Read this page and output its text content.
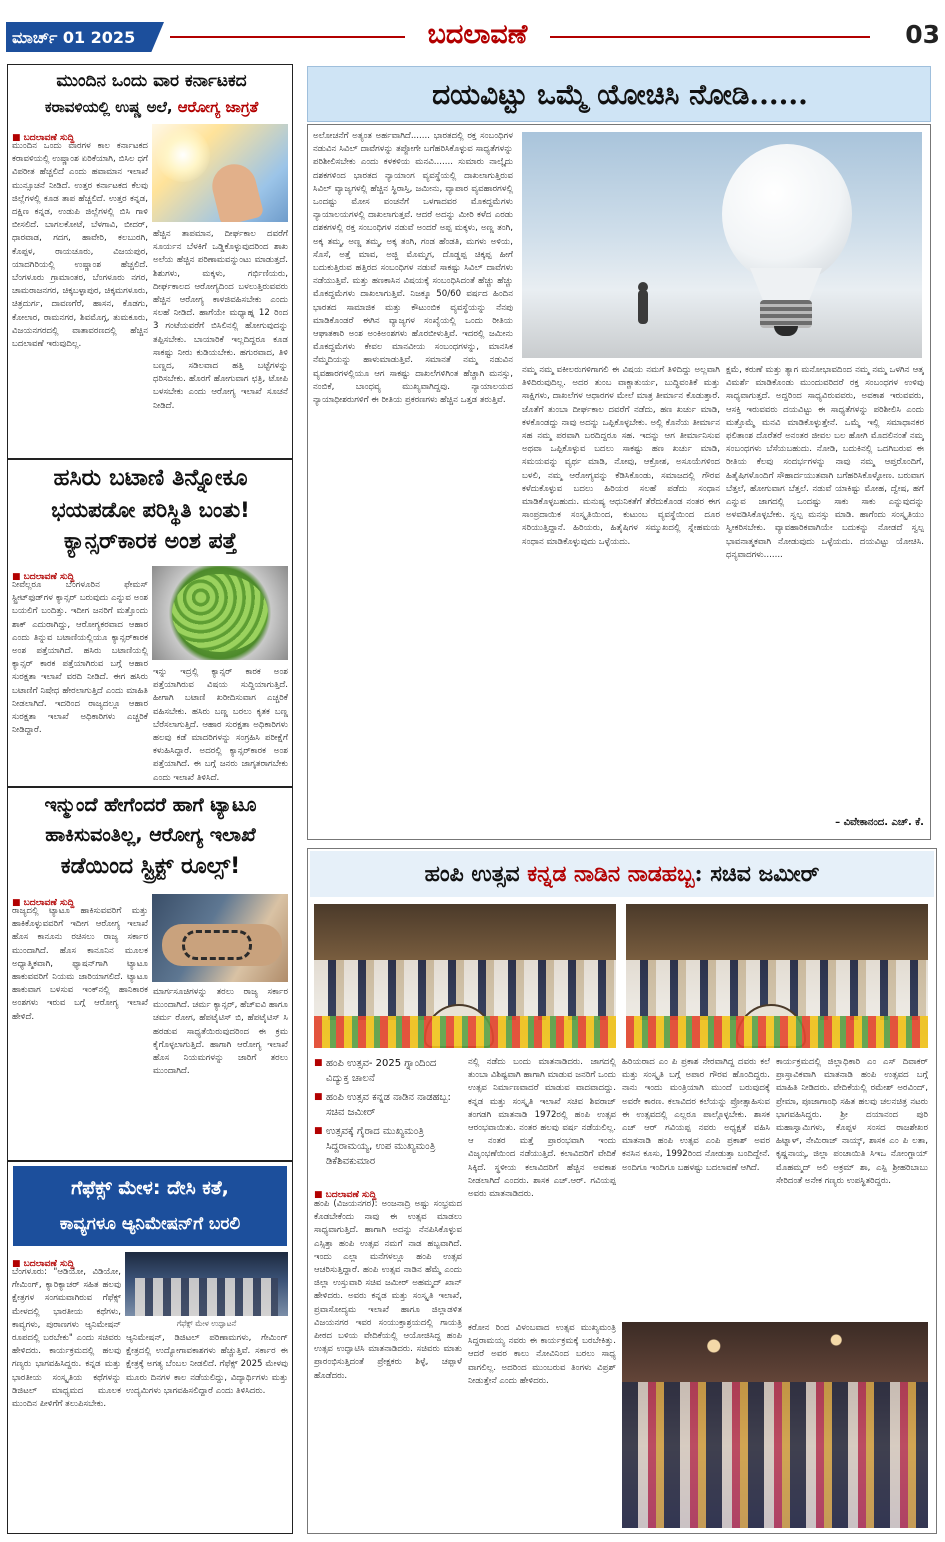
ಮಾರ್ಚ್ 01 2025	ಬದಲಾವಣೆ	03
ಮುಂದಿನ ಒಂದು ವಾರ ಕರ್ನಾಟಕದ
ಕರಾವಳಿಯಲ್ಲಿ ಉಷ್ಣ ಅಲೆ, ಆರೋಗ್ಯ ಜಾಗ್ರತೆ
■ ಬದಲಾವಣೆ ಸುದ್ದಿ
ಮುಂದಿನ ಒಂದು ವಾರಗಳ ಕಾಲ ಕರ್ನಾಟಕದ ಕರಾವಳಿಯಲ್ಲಿ ಉಷ್ಣಾಂಶ ಏರಿಕೆಯಾಗಿ, ಬಿಸಿಲ ಧಗೆ ವಿಪರೀತ ಹೆಚ್ಚಲಿದೆ ಎಂದು ಹವಾಮಾನ ಇಲಾಖೆ ಮುನ್ಸೂಚನೆ ನೀಡಿದೆ. ಉತ್ತರ ಕರ್ನಾಟಕದ ಕೆಲವು ಜಿಲ್ಲೆಗಳಲ್ಲಿ ಕೂಡ ತಾಪ ಹೆಚ್ಚಲಿದೆ. ಉತ್ತರ ಕನ್ನಡ, ದಕ್ಷಿಣ ಕನ್ನಡ, ಉಡುಪಿ ಜಿಲ್ಲೆಗಳಲ್ಲಿ ಬಿಸಿ ಗಾಳಿ ಬೀಸಲಿದೆ. ಬಾಗಲಕೋಟೆ, ಬೆಳಗಾವಿ, ಬೀದರ್, ಧಾರವಾಡ, ಗದಗ, ಹಾವೇರಿ, ಕಲಬುರಗಿ, ಕೊಪ್ಪಳ, ರಾಯಚೂರು, ವಿಜಯಪುರ, ಯಾದಗಿರಿಯಲ್ಲಿ ಉಷ್ಣಾಂಶ ಹೆಚ್ಚಲಿದೆ. ಬೆಂಗಳೂರು ಗ್ರಾಮಾಂತರ, ಬೆಂಗಳೂರು ನಗರ, ಚಾಮರಾಜನಗರ, ಚಿಕ್ಕಬಳ್ಳಾಪುರ, ಚಿಕ್ಕಮಗಳೂರು, ಚಿತ್ರದುರ್ಗ, ದಾವಣಗೆರೆ, ಹಾಸನ, ಕೊಡಗು, ಕೋಲಾರ, ರಾಮನಗರ, ಶಿವಮೊಗ್ಗ, ತುಮಕೂರು, ವಿಜಯನಗರದಲ್ಲಿ ವಾತಾವರಣದಲ್ಲಿ ಹೆಚ್ಚಿನ ಬದಲಾವಣೆ ಇರುವುದಿಲ್ಲ.
ಹೆಚ್ಚಿನ ತಾಪಮಾನ, ದೀರ್ಘಕಾಲ ದವರೆಗೆ ಸೂರ್ಯನ ಬೆಳಕಿಗೆ ಒಡ್ಡಿಕೊಳ್ಳುವುದರಿಂದ ಶಾಖ ಅಲೆಯ ಹೆಚ್ಚಿನ ಪರಿಣಾಮವನ್ನುಂಟು ಮಾಡುತ್ತದೆ. ಶಿಶುಗಳು, ಮಕ್ಕಳು, ಗರ್ಭಿಣಿಯರು, ದೀರ್ಘಕಾಲದ ಆರೋಗ್ಯದಿಂದ ಬಳಲುತ್ತಿರುವವರು ಹೆಚ್ಚಿನ ಆರೋಗ್ಯ ಕಾಳಜಿವಹಿಸಬೇಕು ಎಂದು ಸಲಹೆ ನೀಡಿದೆ. ಹಾಗೆಯೇ ಮಧ್ಯಾಹ್ನ 12 ರಿಂದ 3 ಗಂಟೆಯವರೆಗೆ ಬಿಸಿಲಿನಲ್ಲಿ ಹೋಗುವುದನ್ನು ತಪ್ಪಿಸಬೇಕು. ಬಾಯಾರಿಕೆ ಇಲ್ಲದಿದ್ದರೂ ಕೂಡ ಸಾಕಷ್ಟು ನೀರು ಕುಡಿಯಬೇಕು. ಹಗುರವಾದ, ತಿಳಿ ಬಣ್ಣದ, ಸಡಿಲವಾದ ಹತ್ತಿ ಬಟ್ಟೆಗಳನ್ನು ಧರಿಸಬೇಕು. ಹೊರಗೆ ಹೋಗುವಾಗ ಛತ್ರಿ, ಟೋಪಿ ಬಳಸಬೇಕು ಎಂದು ಆರೋಗ್ಯ ಇಲಾಖೆ ಸೂಚನೆ ನೀಡಿದೆ.
ಹಸಿರು ಬಟಾಣಿ ತಿನ್ನೋಕೂ
ಭಯಪಡೋ ಪರಿಸ್ಥಿತಿ ಬಂತು!
ಕ್ಯಾನ್ಸರ್‌ಕಾರಕ ಅಂಶ ಪತ್ತೆ
■ ಬದಲಾವಣೆ ಸುದ್ದಿ
ನೀವೆಲ್ಲರೂ ಬೆಂಗಳೂರಿನ ಫೇಮಸ್ ಸ್ಟ್ರೀಟ್‌ಫುಡ್‌ಗಳ ಕ್ಯಾನ್ಸರ್ ಬರುವುದು ಎನ್ನುವ ಅಂಶ ಬಯಲಿಗೆ ಬಂದಿತ್ತು. ಇದೀಗ ಜನರಿಗೆ ಮತ್ತೊಂದು ಶಾಕ್ ಎದುರಾಗಿದ್ದು, ಆರೋಗ್ಯಕರವಾದ ಆಹಾರ ಎಂದು ತಿನ್ನುವ ಬಟಾಣಿಯಲ್ಲಿಯೂ ಕ್ಯಾನ್ಸರ್‌ಕಾರಕ ಅಂಶ ಪತ್ತೆಯಾಗಿದೆ. ಹಸಿರು ಬಟಾಣಿಯಲ್ಲಿ ಕ್ಯಾನ್ಸರ್ ಕಾರಕ ಪತ್ತೆಯಾಗಿರುವ ಬಗ್ಗೆ ಆಹಾರ ಸುರಕ್ಷತಾ ಇಲಾಖೆ ವರದಿ ನೀಡಿದೆ. ಈಗ ಹಸಿರು ಬಟಾಣಿಗೆ ನಿಷೇಧ ಹೇರಲಾಗುತ್ತಿದೆ ಎಂದು ಮಾಹಿತಿ ನೀಡಲಾಗಿದೆ. ಇದರಿಂದ ರಾಜ್ಯದಲ್ಲೂ ಆಹಾರ ಸುರಕ್ಷತಾ ಇಲಾಖೆ ಅಧಿಕಾರಿಗಳು ಎಚ್ಚರಿಕೆ ನೀಡಿದ್ದಾರೆ.
ಇನ್ನು ಇದ್ರಲ್ಲಿ ಕ್ಯಾನ್ಸರ್ ಕಾರಕ ಅಂಶ ಪತ್ತೆಯಾಗಿರುವ ವಿಷಯ ಸುದ್ದಿಯಾಗುತ್ತಿದೆ. ಹೀಗಾಗಿ ಬಟಾಣಿ ಖರೀದಿಸುವಾಗ ಎಚ್ಚರಿಕೆ ವಹಿಸಬೇಕು. ಹಸಿರು ಬಣ್ಣ ಬರಲು ಕೃತಕ ಬಣ್ಣ ಬೆರೆಸಲಾಗುತ್ತಿದೆ. ಆಹಾರ ಸುರಕ್ಷತಾ ಅಧಿಕಾರಿಗಳು ಹಲವು ಕಡೆ ಮಾದರಿಗಳನ್ನು ಸಂಗ್ರಹಿಸಿ ಪರೀಕ್ಷೆಗೆ ಕಳುಹಿಸಿದ್ದಾರೆ. ಅದರಲ್ಲಿ ಕ್ಯಾನ್ಸರ್‌ಕಾರಕ ಅಂಶ ಪತ್ತೆಯಾಗಿದೆ. ಈ ಬಗ್ಗೆ ಜನರು ಜಾಗೃತರಾಗಬೇಕು ಎಂದು ಇಲಾಖೆ ತಿಳಿಸಿದೆ.
ಇನ್ಮುಂದೆ ಹೇಗೆಂದರೆ ಹಾಗೆ ಟ್ಯಾಟೂ
ಹಾಕಿಸುವಂತಿಲ್ಲ, ಆರೋಗ್ಯ ಇಲಾಖೆ
ಕಡೆಯಿಂದ ಸ್ಟ್ರಿಕ್ಟ್ ರೂಲ್ಸ್!
■ ಬದಲಾವಣೆ ಸುದ್ದಿ
ರಾಜ್ಯದಲ್ಲಿ ಟ್ಯಾಟೂ ಹಾಕಿಸುವವರಿಗೆ ಮತ್ತು ಹಾಕಿಕೊಳ್ಳುವವರಿಗೆ ಇದೀಗ ಆರೋಗ್ಯ ಇಲಾಖೆ ಹೊಸ ಕಾನೂನು ರಚಿಸಲು ರಾಜ್ಯ ಸರ್ಕಾರ ಮುಂದಾಗಿದೆ. ಹೊಸ ಕಾನೂನಿನ ಮೂಲಕ ಅಧ್ಯಾತ್ಮಿಕವಾಗಿ, ಫ್ಯಾಷನ್‌ಗಾಗಿ ಟ್ಯಾಟೂ ಹಾಕುವವರಿಗೆ ನಿಯಮ ಜಾರಿಯಾಗಲಿದೆ. ಟ್ಯಾಟೂ ಹಾಕುವಾಗ ಬಳಸುವ ಇಂಕ್‌ನಲ್ಲಿ ಹಾನಿಕಾರಕ ಅಂಶಗಳು ಇರುವ ಬಗ್ಗೆ ಆರೋಗ್ಯ ಇಲಾಖೆ ಹೇಳಿದೆ.
ಮಾರ್ಗಸೂಚಿಗಳನ್ನು ತರಲು ರಾಜ್ಯ ಸರ್ಕಾರ ಮುಂದಾಗಿದೆ. ಚರ್ಮ ಕ್ಯಾನ್ಸರ್, ಹೆಚ್‌ಐವಿ ಹಾಗೂ ಚರ್ಮ ರೋಗ, ಹೆಪಟೈಟಿಸ್ ಬಿ, ಹೆಪಟೈಟಿಸ್ ಸಿ ಹರಡುವ ಸಾಧ್ಯತೆಯಿರುವುದರಿಂದ ಈ ಕ್ರಮ ಕೈಗೊಳ್ಳಲಾಗುತ್ತಿದೆ. ಹಾಗಾಗಿ ಆರೋಗ್ಯ ಇಲಾಖೆ ಹೊಸ ನಿಯಮಗಳನ್ನು ಜಾರಿಗೆ ತರಲು ಮುಂದಾಗಿದೆ.
ಗೆಫೆಕ್ಸ್ ಮೇಳ: ದೇಸಿ ಕತೆ,
ಕಾವ್ಯಗಳೂ ಆ್ಯನಿಮೇಷನ್‌ಗೆ ಬರಲಿ
■ ಬದಲಾವಣೆ ಸುದ್ದಿ
ಬೆಂಗಳೂರು: "ಆಡಿಯೋ, ವಿಡಿಯೋ, ಗೇಮಿಂಗ್, ಕ್ಯಾರಿಕ್ಯಾಚರ್ ಸಹಿತ ಹಲವು ಕ್ಷೇತ್ರಗಳ ಸಂಗಮವಾಗಿರುವ ಗೆಫೆಕ್ಸ್ ಮೇಳದಲ್ಲಿ ಭಾರತೀಯ ಕಥೆಗಳು, ಕಾವ್ಯಗಳು, ಪುರಾಣಗಳು ಆ್ಯನಿಮೇಷನ್ ರೂಪದಲ್ಲಿ ಬರಬೇಕು" ಎಂದು ಸಚಿವರು ಹೇಳಿದರು. ಕಾರ್ಯಕ್ರಮದಲ್ಲಿ ಹಲವು ಗಣ್ಯರು ಭಾಗವಹಿಸಿದ್ದರು. ಕನ್ನಡ ಮತ್ತು ಭಾರತೀಯ ಸಂಸ್ಕೃತಿಯ ಕಥೆಗಳನ್ನು ಡಿಜಿಟಲ್ ಮಾಧ್ಯಮದ ಮೂಲಕ ಮುಂದಿನ ಪೀಳಿಗೆಗೆ ತಲುಪಿಸಬೇಕು.
ಗೆಫೆಕ್ಸ್ ಮೇಳ ಉದ್ಘಾಟನೆ
ಆ್ಯನಿಮೇಷನ್, ಡಿಜಿಟಲ್ ಪರಿಣಾಮಗಳು, ಗೇಮಿಂಗ್ ಕ್ಷೇತ್ರದಲ್ಲಿ ಉದ್ಯೋಗಾವಕಾಶಗಳು ಹೆಚ್ಚುತ್ತಿವೆ. ಸರ್ಕಾರ ಈ ಕ್ಷೇತ್ರಕ್ಕೆ ಅಗತ್ಯ ಬೆಂಬಲ ನೀಡಲಿದೆ. ಗೆಫೆಕ್ಸ್ 2025 ಮೇಳವು ಮೂರು ದಿನಗಳ ಕಾಲ ನಡೆಯಲಿದ್ದು, ವಿದ್ಯಾರ್ಥಿಗಳು ಮತ್ತು ಉದ್ಯಮಿಗಳು ಭಾಗವಹಿಸಲಿದ್ದಾರೆ ಎಂದು ತಿಳಿಸಿದರು.
ದಯವಿಟ್ಟು ಒಮ್ಮೆ ಯೋಚಿಸಿ ನೋಡಿ......
ಅಲೋಚನೆಗೆ ಅತ್ಯಂತ ಅರ್ಹವಾಗಿದೆ....... ಭಾರತದಲ್ಲಿ ರಕ್ತ ಸಂಬಂಧಿಗಳ ನಡುವಿನ ಸಿವಿಲ್ ದಾವೆಗಳನ್ನು ತಪ್ಪೋಗೇ ಬಗೆಹರಿಸಿಕೊಳ್ಳುವ ಸಾಧ್ಯತೆಗಳನ್ನು ಪರಿಶೀಲಿಸಬೇಕು ಎಂದು ಕಳಕಳಿಯ ಮನವಿ....... ಸುಮಾರು ನಾಲ್ಕೈದು ದಶಕಗಳಿಂದ ಭಾರತದ ನ್ಯಾಯಾಂಗ ವ್ಯವಸ್ಥೆಯಲ್ಲಿ ದಾಖಲಾಗುತ್ತಿರುವ ಸಿವಿಲ್ ವ್ಯಾಜ್ಯಗಳಲ್ಲಿ ಹೆಚ್ಚಿನ ಸ್ಥಿರಾಸ್ತಿ, ಜಮೀನು, ವ್ಯಾಪಾರ ವ್ಯವಹಾರಗಳಲ್ಲಿ ಒಂದಷ್ಟು ಮೋಸ ವಂಚನೆಗೆ ಒಳಗಾದವರ ಮೊಕದ್ದಮೆಗಳು ನ್ಯಾಯಾಲಯಗಳಲ್ಲಿ ದಾಖಲಾಗುತ್ತವೆ. ಆದರೆ ಅದನ್ನು ಮೀರಿ ಕಳೆದ ಎರಡು ದಶಕಗಳಲ್ಲಿ ರಕ್ತ ಸಂಬಂಧಿಗಳ ನಡುವೆ ಅಂದರೆ ಅಪ್ಪ ಮಕ್ಕಳು, ಅಣ್ಣ ತಂಗಿ, ಅಕ್ಕ ತಮ್ಮ, ಅಣ್ಣ ತಮ್ಮ, ಅಕ್ಕ ತಂಗಿ, ಗಂಡ ಹೆಂಡತಿ, ಮಗಳು ಅಳಿಯ, ಸೊಸೆ, ಅತ್ತೆ ಮಾವ, ಅಜ್ಜಿ ಮೊಮ್ಮಗ, ದೊಡ್ಡಪ್ಪ ಚಿಕ್ಕಪ್ಪ ಹೀಗೆ ಬದುಕುತ್ತಿರುವ ಹತ್ತಿರದ ಸಂಬಂಧಿಗಳ ನಡುವೆ ಸಾಕಷ್ಟು ಸಿವಿಲ್ ದಾವೆಗಳು ನಡೆಯುತ್ತಿವೆ. ಮತ್ತು ಹಣಕಾಸಿನ ವಿಷಯಕ್ಕೆ ಸಂಬಂಧಿಸಿದಂತೆ ಹೆಚ್ಚು ಹೆಚ್ಚು ಮೊಕದ್ದಮೆಗಳು ದಾಖಲಾಗುತ್ತಿವೆ. ನಿಜಕ್ಕೂ 50/60 ವರ್ಷದ ಹಿಂದಿನ ಭಾರತದ ಸಾಮಾಜಿಕ ಮತ್ತು ಕೌಟುಂಬಿಕ ವ್ಯವಸ್ಥೆಯನ್ನು ನೆನಪು ಮಾಡಿಕೊಂಡರೆ ಈಗಿನ ವ್ಯಾಜ್ಯಗಳ ಸಂಖ್ಯೆಯಲ್ಲಿ ಒಂದು ರೀತಿಯ ಆಘಾತಕಾರಿ ಅಂಶ ಅಂಕಿಅಂಶಗಳು ಹೊರಬೀಳುತ್ತಿವೆ. ಇದರಲ್ಲಿ ಜಮೀನು ಮೊಕದ್ದಮೆಗಳು ಕೇವಲ ಮಾನವೀಯ ಸಂಬಂಧಗಳನ್ನು, ಮಾನಸಿಕ ನೆಮ್ಮದಿಯನ್ನು ಹಾಳುಮಾಡುತ್ತಿವೆ. ಸಮಾನತೆ ನಮ್ಮ ನಡುವಿನ ವ್ಯವಹಾರಗಳಲ್ಲಿಯೂ ಆಗ ಸಾಕಷ್ಟು ದಾಖಲೆಗಳಿಗಿಂತ ಹೆಚ್ಚಾಗಿ ಮನಸ್ಸು, ನಂಬಿಕೆ, ಬಾಂಧವ್ಯ ಮುಖ್ಯವಾಗಿದ್ದವು. ನ್ಯಾಯಾಲಯದ ನ್ಯಾಯಾಧೀಶರುಗಳಿಗೆ ಈ ರೀತಿಯ ಪ್ರಕರಣಗಳು ಹೆಚ್ಚಿನ ಒತ್ತಡ ತರುತ್ತಿವೆ.
ನಮ್ಮ ನಮ್ಮ ವಕೀಲರುಗಳಿಗಾಗಲಿ ಈ ವಿಷಯ ನಮಗೆ ತಿಳಿದಿದ್ದು ಅಲ್ಲವಾಗಿ ತಿಳಿದಿರುವುದಿಲ್ಲ. ಅದರ ತುಂಬ ವಾಕ್ಚಾತುರ್ಯ, ಬುದ್ಧಿವಂತಿಕೆ ಮತ್ತು ಸಾಕ್ಷಿಗಳು, ದಾಖಲೆಗಳ ಆಧಾರಗಳ ಮೇಲೆ ಮಾತ್ರ ತೀರ್ಮಾನ ಕೊಡುತ್ತಾರೆ. ಜೊತೆಗೆ ತುಂಬಾ ದೀರ್ಘಕಾಲ ದವರೆಗೆ ನಡೆದು, ಹಣ ಖರ್ಚು ಮಾಡಿ, ಕಳಕೊಂಡದ್ದು ನಾವು ಅದನ್ನು ಒಪ್ಪಿಕೊಳ್ಳಬೇಕು. ಅಲ್ಲಿ ಕೊನೆಯ ತೀರ್ಮಾನ ಸಹ ನಮ್ಮ ಪರವಾಗಿ ಬರದಿದ್ದರೂ ಸಹ. ಇದನ್ನು ಆಗ ತೀರ್ಮಾನಿಸುವ ಅಥವಾ ಒಪ್ಪಿಕೊಳ್ಳುವ ಬದಲು ಸಾಕಷ್ಟು ಹಣ ಖರ್ಚು ಮಾಡಿ, ಸಮಯವನ್ನು ವ್ಯರ್ಥ ಮಾಡಿ, ನೋವು, ಆಕ್ರೋಶ, ಅಸೂಯೆಗಳಿಂದ ಬಳಲಿ, ನಮ್ಮ ಆರೋಗ್ಯವನ್ನು ಕೆಡಿಸಿಕೊಂಡು, ಸಮಾಜದಲ್ಲಿ ಗೌರವ ಕಳೆದುಕೊಳ್ಳುವ ಬದಲು ಹಿರಿಯರ ಸಲಹೆ ಪಡೆದು ಸಂಧಾನ ಮಾಡಿಕೊಳ್ಳಬಹುದು. ಮನುಷ್ಯ ಆಧುನಿಕತೆಗೆ ತೆರೆದುಕೊಂಡ ನಂತರ ಈಗ ಸಾಂಪ್ರದಾಯಿಕ ಸಂಸ್ಕೃತಿಯಿಂದ, ಕುಟುಂಬ ವ್ಯವಸ್ಥೆಯಿಂದ ದೂರ ಸರಿಯುತ್ತಿದ್ದಾನೆ. ಹಿರಿಯರು, ಹಿತೈಷಿಗಳ ಸಮ್ಮುಖದಲ್ಲಿ ಸ್ನೇಹಮಯ ಸಂಧಾನ ಮಾಡಿಕೊಳ್ಳುವುದು ಒಳ್ಳೆಯದು.
ಕ್ಷಮೆ, ಕರುಣೆ ಮತ್ತು ತ್ಯಾಗ ಮನೋಭಾವದಿಂದ ನಮ್ಮ ನಮ್ಮ ಒಳಗಿನ ಆತ್ಮ ವಿಮರ್ಶೆ ಮಾಡಿಕೊಂಡು ಮುಂದುವರಿದರೆ ರಕ್ತ ಸಂಬಂಧಗಳ ಉಳಿವು ಸಾಧ್ಯವಾಗುತ್ತದೆ. ಅದ್ದರಿಂದ ಸಾಧ್ಯವಿರುವವರು, ಅವಕಾಶ ಇರುವವರು, ಆಸಕ್ತಿ ಇರುವವರು ದಯವಿಟ್ಟು ಈ ಸಾಧ್ಯತೆಗಳನ್ನು ಪರಿಶೀಲಿಸಿ ಎಂದು ಮತ್ತೊಮ್ಮೆ ಮನವಿ ಮಾಡಿಕೊಳ್ಳುತ್ತೇನೆ. ಒಮ್ಮೆ ಇಲ್ಲಿ ಸಮಾಧಾನಕರ ಫಲಿತಾಂಶ ದೊರೆತರೆ ಅನಂತರ ಜೀವಲ ಬಲ ಹೋಗಿ ಮೊದಲಿನಂತೆ ನಮ್ಮ ಸಂಬಂಧಗಳು ಬೆಸೆಯಬಹುದು. ನೋಡಿ, ಬದುಕಿನಲ್ಲಿ ಒದಗಿಬರುವ ಈ ರೀತಿಯ ಕೆಲವು ಸಂದರ್ಭಗಳನ್ನು ನಾವು ನಮ್ಮ ಆಪ್ತರೊಂದಿಗೆ, ಹಿತೈಷಿಗಳೊಂದಿಗೆ ಸೌಹಾರ್ದಯುತವಾಗಿ ಬಗೆಹರಿಸಿಕೊಳ್ಳೋಣ. ಬರುವಾಗ ಬೆತ್ತಲೆ, ಹೋಗುವಾಗ ಬೆತ್ತಲೆ. ನಡುವೆ ಯಾಕಿಷ್ಟು ಮೋಹ, ದ್ವೇಷ, ಹಗೆ ಎನ್ನುವ ಜಾಗದಲ್ಲಿ ಒಂದಷ್ಟು ಸಾಕು ಸಾಕು ಎನ್ನುವುದನ್ನು ಅಳವಡಿಸಿಕೊಳ್ಳಬೇಕು. ಸ್ವಲ್ಪ ಮನಸ್ಸು ಮಾಡಿ. ಹಾಗೆಂದು ಸಂಸ್ಕೃತಿಯು ಸ್ವೀಕರಿಸಬೇಕು. ವ್ಯಾವಹಾರಿಕವಾಗಿಯೇ ಬದುಕನ್ನು ನೋಡದೆ ಸ್ವಲ್ಪ ಭಾವನಾತ್ಮಕವಾಗಿ ನೋಡುವುದು ಒಳ್ಳೆಯದು. ದಯವಿಟ್ಟು ಯೋಚಿಸಿ. ಧನ್ಯವಾದಗಳು.......
– ವಿವೇಕಾನಂದ. ಎಚ್. ಕೆ.
ಹಂಪಿ ಉತ್ಸವ ಕನ್ನಡ ನಾಡಿನ ನಾಡಹಬ್ಬ: ಸಚಿವ ಜಮೀರ್
■ ಹಂಪಿ ಉತ್ಸವ- 2025 ಗ್ನಾಂದಿಂದ ವಿದ್ಯುಕ್ತ ಚಾಲನೆ
■ ಹಂಪಿ ಉತ್ಸವ ಕನ್ನಡ ನಾಡಿನ ನಾಡಹಬ್ಬ: ಸಚಿವ ಜಮೀರ್
■ ಉತ್ಸವಕ್ಕೆ ಗೈರಾದ ಮುಖ್ಯಮಂತ್ರಿ ಸಿದ್ದರಾಮಯ್ಯ, ಉಪ ಮುಖ್ಯಮಂತ್ರಿ ಡಿಕೆಶಿವಕುಮಾರ
■ ಬದಲಾವಣೆ ಸುದ್ದಿ
ಹಂಪಿ (ವಿಜಯನಗರ): ಅಂಜನಾದ್ರಿ ಅಷ್ಟು ಸಂಭ್ರಮದ ಕೊಡಬೇಕೆಂದು ನಾವು ಈ ಉತ್ಸವ ಮಾಡಲು ಸಾಧ್ಯವಾಗುತ್ತಿದೆ. ಹಾಗಾಗಿ ಅದನ್ನು ನೆನಪಿಸಿಕೊಳ್ಳುವ ಎಸ್ಸಿತ್ತಾ ಹಂಪಿ ಉತ್ಸವ ನಮಗೆ ನಾಡ ಹಬ್ಬವಾಗಿದೆ. ಇಂದು ಎಲ್ಲಾ ಮನೆಗಳಲ್ಲೂ ಹಂಪಿ ಉತ್ಸವ ಆಚರಿಸುತ್ತಿದ್ದಾರೆ. ಹಂಪಿ ಉತ್ಸವ ನಾಡಿನ ಹೆಮ್ಮೆ ಎಂದು ಜಿಲ್ಲಾ ಉಸ್ತುವಾರಿ ಸಚಿವ ಜಮೀರ್ ಅಹಮ್ಮದ್ ಖಾನ್ ಹೇಳಿದರು. ಅವರು ಕನ್ನಡ ಮತ್ತು ಸಂಸ್ಕೃತಿ ಇಲಾಖೆ, ಪ್ರವಾಸೋದ್ಯಮ ಇಲಾಖೆ ಹಾಗೂ ಜಿಲ್ಲಾಡಳಿತ ವಿಜಯನಗರ ಇವರ ಸಂಯುಕ್ತಾಶ್ರಯದಲ್ಲಿ ಗಾಯತ್ರಿ ಪೀಠದ ಬಳಿಯ ವೇದಿಕೆಯಲ್ಲಿ ಆಯೋಜಿಸಿದ್ದ ಹಂಪಿ ಉತ್ಸವ ಉದ್ಘಾಟಿಸಿ ಮಾತನಾಡಿದರು. ಸಚಿವರು ಮಾತು ಪ್ರಾರಂಭಿಸುತ್ತಿದಂತೆ ಪ್ರೇಕ್ಷಕರು ಶಿಳ್ಳೆ, ಚಪ್ಪಾಳೆ ಹೊಡೆದರು.
ನಲ್ಲಿ ನಡೆದು ಬಂದು ಮಾತನಾಡಿದರು. ಜಾಗದಲ್ಲಿ ತುಂಬಾ ವಿಶಿಷ್ಟವಾಗಿ ಹಾಗಾಗಿ ಮಾಡುವ ಜನರಿಗೆ ಒಂದು ಉತ್ಸವ ನಿರ್ಮಾಣವಾದರೆ ಮಾಡುವ ವಾದವಾದದ್ದು. ಕನ್ನಡ ಮತ್ತು ಸಂಸ್ಕೃತಿ ಇಲಾಖೆ ಸಚಿವ ಶಿವರಾಜ್ ತಂಗಡಗಿ ಮಾತನಾಡಿ 1972ರಲ್ಲಿ ಹಂಪಿ ಉತ್ಸವ ಆರಂಭವಾಯಿತು. ನಂತರ ಹಲವು ವರ್ಷ ನಡೆಯಲಿಲ್ಲ. ಆ ನಂತರ ಮತ್ತೆ ಪ್ರಾರಂಭವಾಗಿ ಇಂದು ವಿಜೃಂಭಣೆಯಿಂದ ನಡೆಯುತ್ತಿದೆ. ಕಲಾವಿದರಿಗೆ ವೇದಿಕೆ ಸಿಕ್ಕಿದೆ. ಸ್ಥಳೀಯ ಕಲಾವಿದರಿಗೆ ಹೆಚ್ಚಿನ ಅವಕಾಶ ನೀಡಲಾಗಿದೆ ಎಂದರು. ಶಾಸಕ ಎಚ್.ಆರ್. ಗವಿಯಪ್ಪ ಅವರು ಮಾತನಾಡಿದರು.
ಹಿರಿಯರಾದ ಎಂ ಪಿ ಪ್ರಕಾಶ ನೇರವಾಗಿದ್ದ ದವರು ಕಲೆ ಮತ್ತು ಸಂಸ್ಕೃತಿ ಬಗ್ಗೆ ಅಪಾರ ಗೌರವ ಹೊಂದಿದ್ದರು. ನಾನು ಇಂದು ಮಂತ್ರಿಯಾಗಿ ಮುಂದೆ ಬರುವುದಕ್ಕೆ ಅವರೇ ಕಾರಣ. ಕಲಾವಿದರ ಕಲೆಯನ್ನು ಪ್ರೋತ್ಸಾಹಿಸುವ ಈ ಉತ್ಸವದಲ್ಲಿ ಎಲ್ಲರೂ ಪಾಲ್ಗೊಳ್ಳಬೇಕು. ಶಾಸಕ ಎಚ್ ಆರ್ ಗವಿಯಪ್ಪ ನವರು ಅಧ್ಯಕ್ಷತೆ ವಹಿಸಿ ಮಾತನಾಡಿ ಹಂಪಿ ಉತ್ಸವ ಎಂಪಿ ಪ್ರಕಾಶ್ ಅವರ ಕನಸಿನ ಕೂಸು, 1992ರಿಂದ ನೋಡುತ್ತಾ ಬಂದಿದ್ದೇನೆ. ಅಂದಿಗೂ ಇಂದಿಗೂ ಬಹಳಷ್ಟು ಬದಲಾವಣೆ ಆಗಿದೆ.
ಕಾರ್ಯಕ್ರಮದಲ್ಲಿ ಜಿಲ್ಲಾಧಿಕಾರಿ ಎಂ ಎಸ್ ದಿವಾಕರ್ ಪ್ರಾಸ್ತಾವಿಕವಾಗಿ ಮಾತನಾಡಿ ಹಂಪಿ ಉತ್ಸವದ ಬಗ್ಗೆ ಮಾಹಿತಿ ನೀಡಿದರು. ವೇದಿಕೆಯಲ್ಲಿ ರಮೇಶ್ ಅರವಿಂದ್, ಪ್ರೇಮಾ, ಪೂಜಾಗಾಂಧಿ ಸಹಿತ ಹಲವು ಚಲನಚಿತ್ರ ನಟರು ಭಾಗವಹಿಸಿದ್ದರು. ಶ್ರೀ ದಯಾನಂದ ಪುರಿ ಮಹಾಸ್ವಾಮಿಗಳು, ಕೊಪ್ಪಳ ಸಂಸದ ರಾಜಶೇಖರ ಹಿಟ್ನಾಳ್, ನೇಮಿರಾಜ್ ನಾಯ್ಕ್, ಶಾಸಕ ಎಂ ಪಿ ಲತಾ, ಕೃಷ್ಣನಾಯ್ಕ, ಜಿಲ್ಲಾ ಪಂಚಾಯಿತಿ ಸಿಇಒ ನೋಂಗ್ಜಾಯ್ ಮೊಹಮ್ಮದ್ ಅಲಿ ಅಕ್ರಮ್ ಶಾ, ಎಸ್ಪಿ ಶ್ರೀಹರಿಬಾಬು ಸೇರಿದಂತೆ ಅನೇಕ ಗಣ್ಯರು ಉಪಸ್ಥಿತರಿದ್ದರು.
ಕರೋನ ರಿಂದ ವಿಳಂಬವಾದ ಉತ್ಸವ ಮುಖ್ಯಮಂತ್ರಿ ಸಿದ್ದರಾಮಯ್ಯ ನವರು ಈ ಕಾರ್ಯಕ್ರಮಕ್ಕೆ ಬರಬೇಕಿತ್ತು. ಆದರೆ ಅವರ ಕಾಲು ನೋವಿನಿಂದ ಬರಲು ಸಾಧ್ಯ ವಾಗಲಿಲ್ಲ. ಅದರಿಂದ ಮುಂಬರುವ ತಿಂಗಳು ವಿಪ್ರಶ್ ನೀಡುತ್ತೇನೆ ಎಂದು ಹೇಳಿದರು.
